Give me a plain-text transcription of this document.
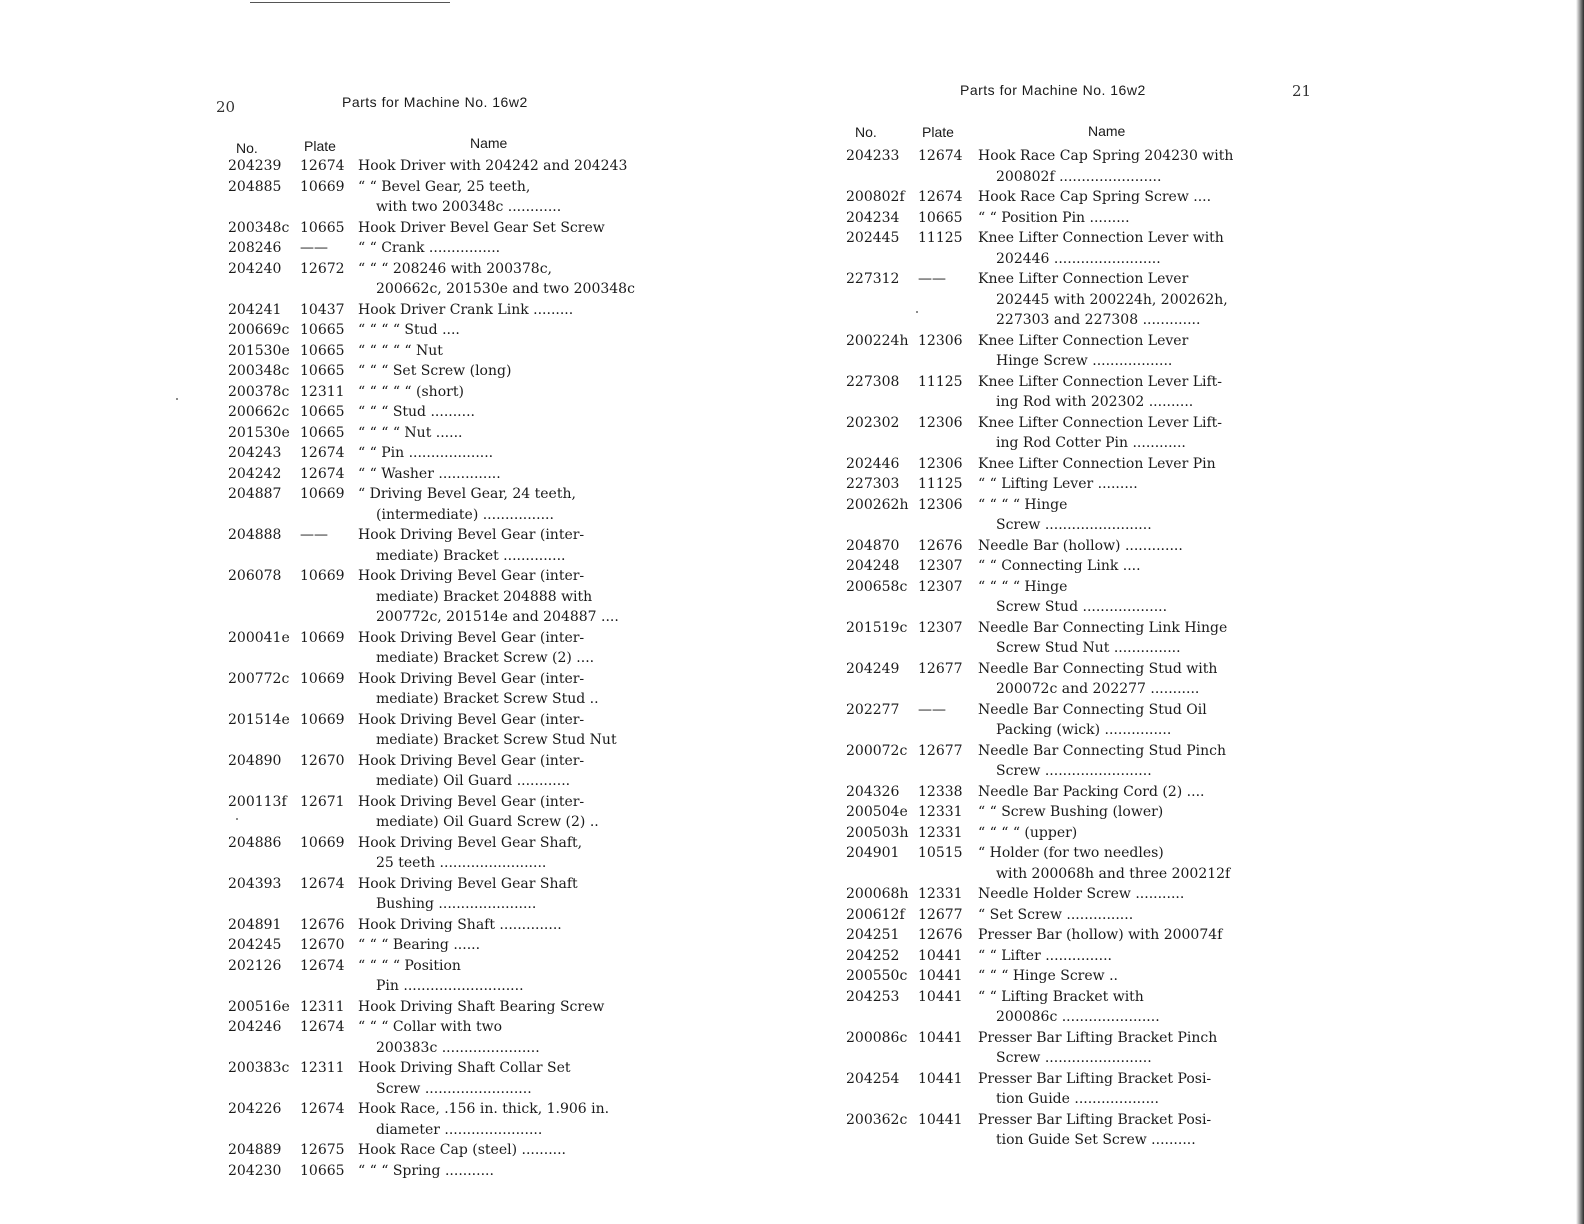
20	Parts for Machine No. 16w2
No.	Plate	Name
204239	12674 Hook Driver with 204242 and 204243
204885	10669 “ “ Bevel Gear, 25 teeth,
with two 200348c ............
200348c 10665 Hook Driver Bevel Gear Set Screw
208246	——	“ “ Crank ................
204240	12672 “ “ “ 208246 with 200378c,
200662c, 201530e and two 200348c
204241	10437 Hook Driver Crank Link .........
200669c 10665 “ “ “ “ Stud ....
201530e 10665 “ “ “ “ “ Nut
200348c 10665 “ “ “ Set Screw (long)
200378c 12311 “ “ “ “ “ (short)
200662c 10665 “ “ “ Stud ..........
201530e 10665 “ “ “ “ Nut ......
204243	12674 “ “ Pin ...................
204242	12674 “ “ Washer ..............
204887	10669 “ Driving Bevel Gear, 24 teeth,
(intermediate) ................
204888	——	Hook Driving Bevel Gear (inter-
mediate) Bracket ..............
206078	10669 Hook Driving Bevel Gear (inter-
mediate) Bracket 204888 with
200772c, 201514e and 204887 ....
200041e 10669 Hook Driving Bevel Gear (inter-
mediate) Bracket Screw (2) ....
200772c 10669 Hook Driving Bevel Gear (inter-
mediate) Bracket Screw Stud ..
201514e 10669 Hook Driving Bevel Gear (inter-
mediate) Bracket Screw Stud Nut
204890	12670 Hook Driving Bevel Gear (inter-
mediate) Oil Guard ............
200113f 12671 Hook Driving Bevel Gear (inter-
mediate) Oil Guard Screw (2) ..
204886	10669 Hook Driving Bevel Gear Shaft,
25 teeth ........................
204393	12674 Hook Driving Bevel Gear Shaft
Bushing ......................
204891	12676 Hook Driving Shaft ..............
204245	12670 “ “ “ Bearing ......
202126	12674 “ “ “ “ Position
Pin ...........................
200516e 12311 Hook Driving Shaft Bearing Screw
204246	12674 “ “ “ Collar with two
200383c ......................
200383c 12311 Hook Driving Shaft Collar Set
Screw ........................
204226	12674 Hook Race, .156 in. thick, 1.906 in.
diameter ......................
204889	12675 Hook Race Cap (steel) ..........
204230	10665 “ “ “ Spring ...........
Parts for Machine No. 16w2	21
No.	Plate	Name
204233	12674	Hook Race Cap Spring 204230 with
200802f .......................
200802f 12674	Hook Race Cap Spring Screw ....
204234	10665	“ “ Position Pin .........
202445	11125	Knee Lifter Connection Lever with
202446 ........................
227312	——	Knee Lifter Connection Lever
202445 with 200224h, 200262h,
227303 and 227308 .............
200224h 12306	Knee Lifter Connection Lever
Hinge Screw ..................
227308	11125	Knee Lifter Connection Lever Lift-
ing Rod with 202302 ..........
202302	12306	Knee Lifter Connection Lever Lift-
ing Rod Cotter Pin ............
202446	12306	Knee Lifter Connection Lever Pin
227303	11125	“ “ Lifting Lever .........
200262h 12306	“ “ “ “ Hinge
Screw ........................
204870	12676	Needle Bar (hollow) .............
204248	12307	“ “ Connecting Link ....
200658c 12307	“ “ “ “ Hinge
Screw Stud ...................
201519c 12307	Needle Bar Connecting Link Hinge
Screw Stud Nut ...............
204249	12677	Needle Bar Connecting Stud with
200072c and 202277 ...........
202277	——	Needle Bar Connecting Stud Oil
Packing (wick) ...............
200072c 12677	Needle Bar Connecting Stud Pinch
Screw ........................
204326	12338	Needle Bar Packing Cord (2) ....
200504e 12331	“ “ Screw Bushing (lower)
200503h 12331	“ “ “ “ (upper)
204901	10515	“ Holder (for two needles)
with 200068h and three 200212f
200068h 12331	Needle Holder Screw ...........
200612f 12677	“ Set Screw ...............
204251	12676	Presser Bar (hollow) with 200074f
204252	10441	“ “ Lifter ...............
200550c 10441	“ “ “ Hinge Screw ..
204253	10441	“ “ Lifting Bracket with
200086c ......................
200086c 10441	Presser Bar Lifting Bracket Pinch
Screw ........................
204254	10441	Presser Bar Lifting Bracket Posi-
tion Guide ...................
200362c 10441	Presser Bar Lifting Bracket Posi-
tion Guide Set Screw ..........
